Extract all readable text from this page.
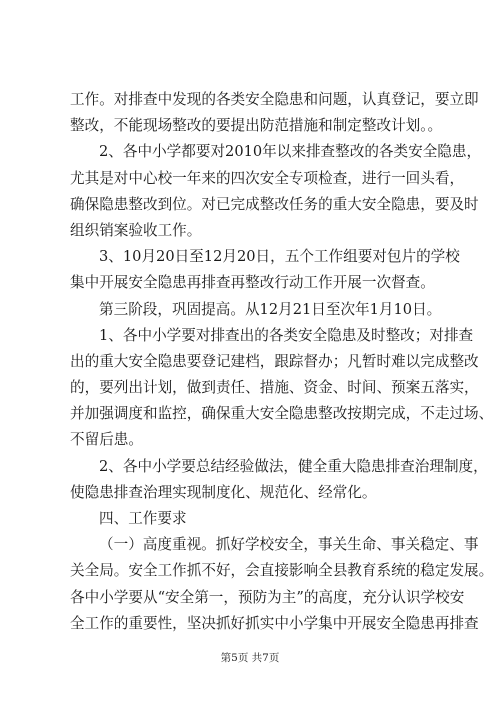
工作。对排查中发现的各类安全隐患和问题，认真登记，要立即
整改，不能现场整改的要提出防范措施和制定整改计划。。
2、各中小学都要对2010年以来排查整改的各类安全隐患，
尤其是对中心校一年来的四次安全专项检查，进行一回头看，
确保隐患整改到位。对已完成整改任务的重大安全隐患，要及时
组织销案验收工作。
3、10月20日至12月20日，五个工作组要对包片的学校
集中开展安全隐患再排查再整改行动工作开展一次督查。
第三阶段，巩固提高。从12月21日至次年1月10日。
1、各中小学要对排查出的各类安全隐患及时整改；对排查
出的重大安全隐患要登记建档，跟踪督办；凡暂时难以完成整改
的，要列出计划，做到责任、措施、资金、时间、预案五落实，
并加强调度和监控，确保重大安全隐患整改按期完成，不走过场、
不留后患。
2、各中小学要总结经验做法，健全重大隐患排查治理制度，
使隐患排查治理实现制度化、规范化、经常化。
四、工作要求
（一）高度重视。抓好学校安全，事关生命、事关稳定、事
关全局。安全工作抓不好，会直接影响全县教育系统的稳定发展。
各中小学要从“安全第一，预防为主”的高度，充分认识学校安
全工作的重要性，坚决抓好抓实中小学集中开展安全隐患再排查
第5页 共7页
